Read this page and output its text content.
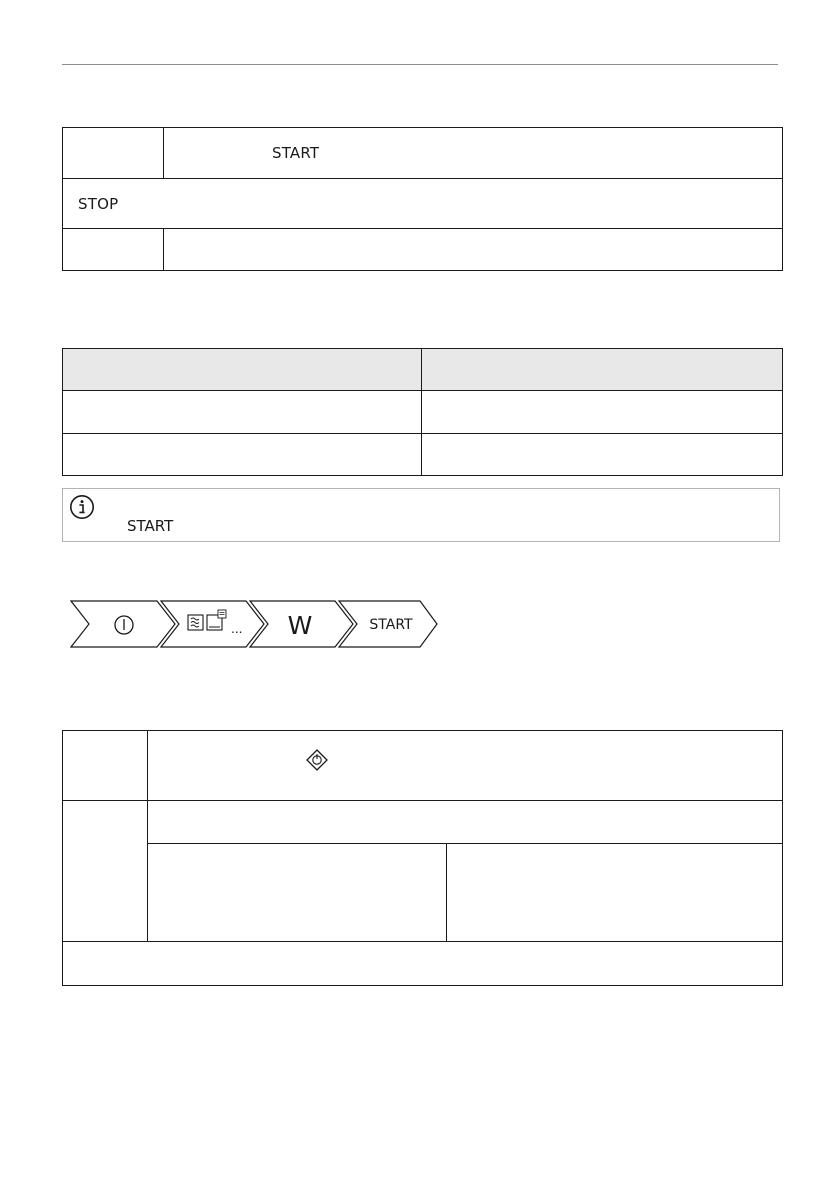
	START
STOP	

START
... W	START
